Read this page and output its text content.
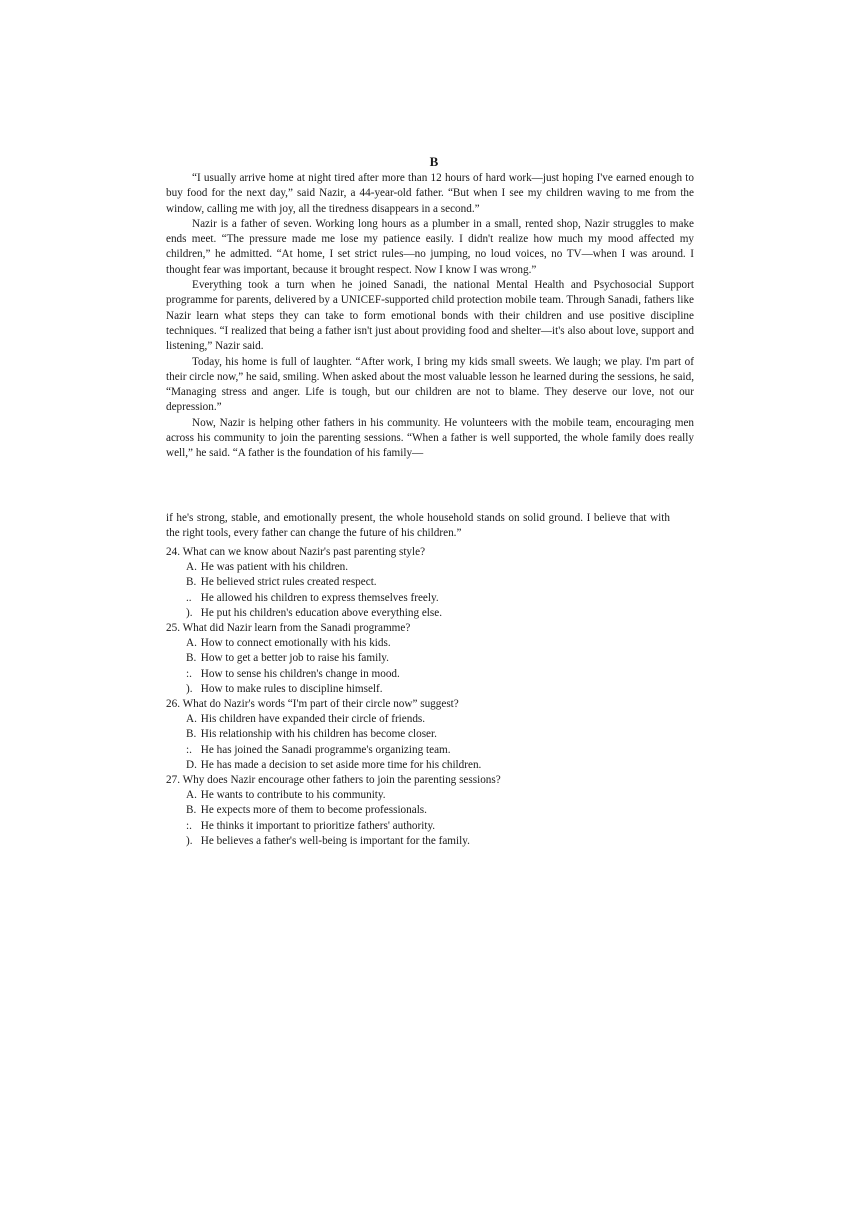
B

“I usually arrive home at night tired after more than 12 hours of hard work—just hoping I've earned enough to buy food for the next day,” said Nazir, a 44-year-old father. “But when I see my children waving to me from the window, calling me with joy, all the tiredness disappears in a second.”

Nazir is a father of seven. Working long hours as a plumber in a small, rented shop, Nazir struggles to make ends meet. “The pressure made me lose my patience easily. I didn't realize how much my mood affected my children,” he admitted. “At home, I set strict rules—no jumping, no loud voices, no TV—when I was around. I thought fear was important, because it brought respect. Now I know I was wrong.”

Everything took a turn when he joined Sanadi, the national Mental Health and Psychosocial Support programme for parents, delivered by a UNICEF-supported child protection mobile team. Through Sanadi, fathers like Nazir learn what steps they can take to form emotional bonds with their children and use positive discipline techniques. “I realized that being a father isn't just about providing food and shelter—it's also about love, support and listening,” Nazir said.

Today, his home is full of laughter. “After work, I bring my kids small sweets. We laugh; we play. I'm part of their circle now,” he said, smiling. When asked about the most valuable lesson he learned during the sessions, he said, “Managing stress and anger. Life is tough, but our children are not to blame. They deserve our love, not our depression.”

Now, Nazir is helping other fathers in his community. He volunteers with the mobile team, encouraging men across his community to join the parenting sessions. “When a father is well supported, the whole family does really well,” he said. “A father is the foundation of his family—

if he's strong, stable, and emotionally present, the whole household stands on solid ground. I believe that with the right tools, every father can change the future of his children.”

24. What can we know about Nazir's past parenting style?
A. He was patient with his children.
B. He believed strict rules created respect.
.. He allowed his children to express themselves freely.
). He put his children's education above everything else.
25. What did Nazir learn from the Sanadi programme?
A. How to connect emotionally with his kids.
B. How to get a better job to raise his family.
:. How to sense his children's change in mood.
). How to make rules to discipline himself.
26. What do Nazir's words “I'm part of their circle now” suggest?
A. His children have expanded their circle of friends.
B. His relationship with his children has become closer.
:. He has joined the Sanadi programme's organizing team.
D. He has made a decision to set aside more time for his children.
27. Why does Nazir encourage other fathers to join the parenting sessions?
A. He wants to contribute to his community.
B. He expects more of them to become professionals.
:. He thinks it important to prioritize fathers' authority.
). He believes a father's well-being is important for the family.
